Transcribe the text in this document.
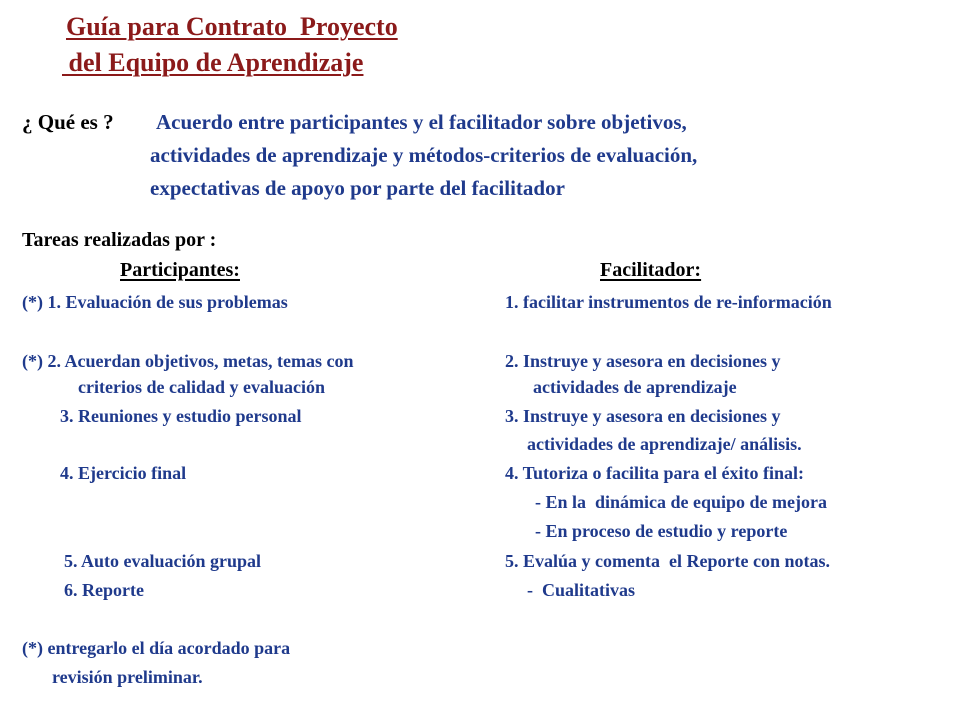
Guía para Contrato  Proyecto
del Equipo de Aprendizaje
¿ Qué es ? Acuerdo entre participantes y el facilitador sobre objetivos,
actividades de aprendizaje y métodos-criterios de evaluación,
expectativas de apoyo por parte del facilitador
Tareas realizadas por :
Participantes:	Facilitador:
(*) 1. Evaluación de sus problemas
(*) 2. Acuerdan objetivos, metas, temas con
criterios de calidad y evaluación
3. Reuniones y estudio personal
4. Ejercicio final
5. Auto evaluación grupal
6. Reporte
1. facilitar instrumentos de re-información
2. Instruye y asesora en decisiones y
actividades de aprendizaje
3. Instruye y asesora en decisiones y
actividades de aprendizaje/ análisis.
4. Tutoriza o facilita para el éxito final:
- En la  dinámica de equipo de mejora
- En proceso de estudio y reporte
5. Evalúa y comenta  el Reporte con notas.
-  Cualitativas
(*) entregarlo el día acordado para
revisión preliminar.
